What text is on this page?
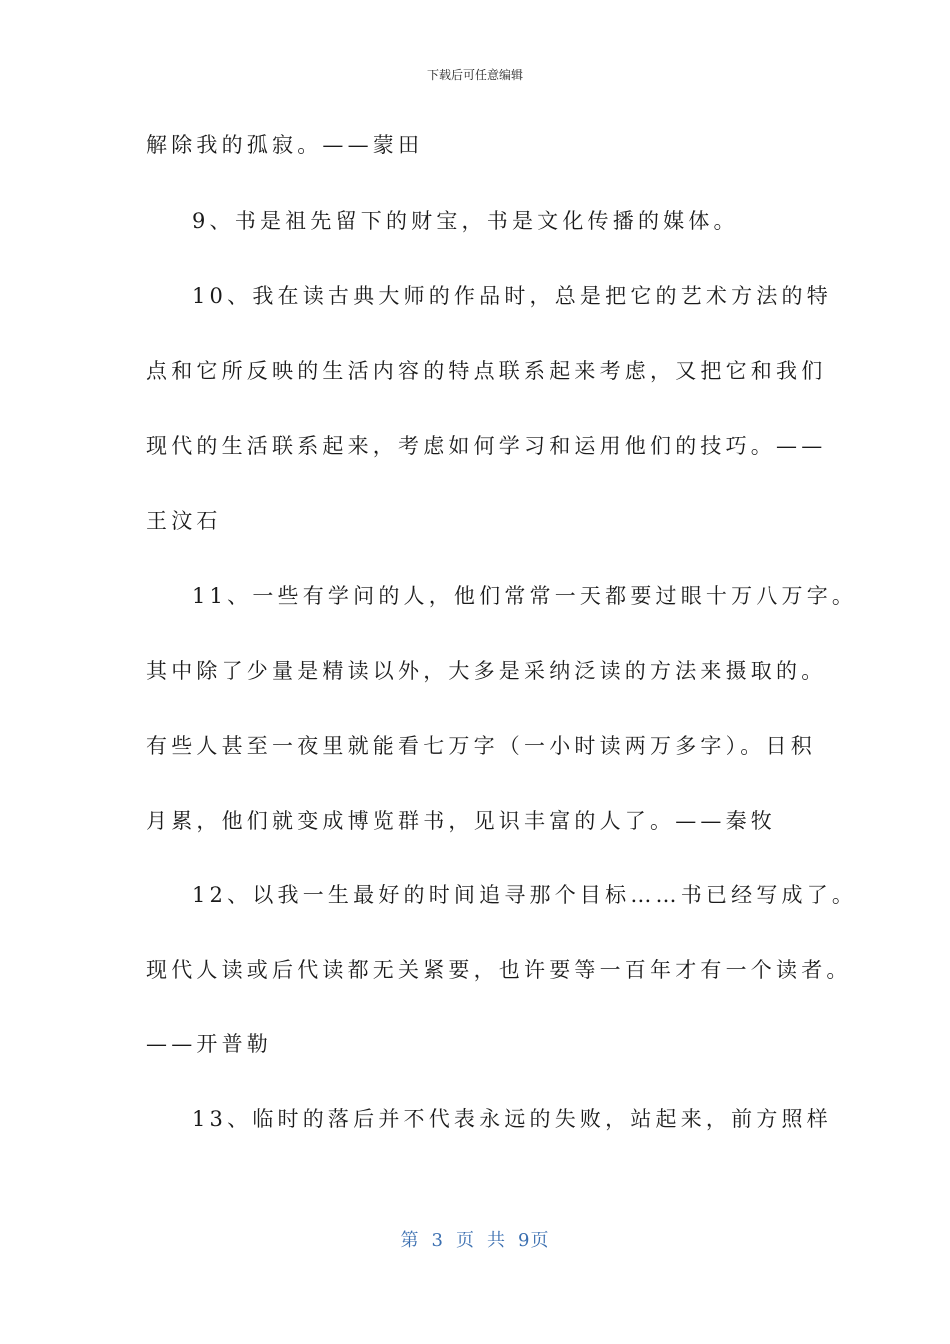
下载后可任意编辑
解除我的孤寂。——蒙田
9、书是祖先留下的财宝，书是文化传播的媒体。
10、我在读古典大师的作品时，总是把它的艺术方法的特
点和它所反映的生活内容的特点联系起来考虑，又把它和我们
现代的生活联系起来，考虑如何学习和运用他们的技巧。——
王汶石
11、一些有学问的人，他们常常一天都要过眼十万八万字。
其中除了少量是精读以外，大多是采纳泛读的方法来摄取的。
有些人甚至一夜里就能看七万字（一小时读两万多字）。日积
月累，他们就变成博览群书，见识丰富的人了。——秦牧
12、以我一生最好的时间追寻那个目标……书已经写成了。
现代人读或后代读都无关紧要，也许要等一百年才有一个读者。
——开普勒
13、临时的落后并不代表永远的失败，站起来，前方照样
第 3 页 共 9页
